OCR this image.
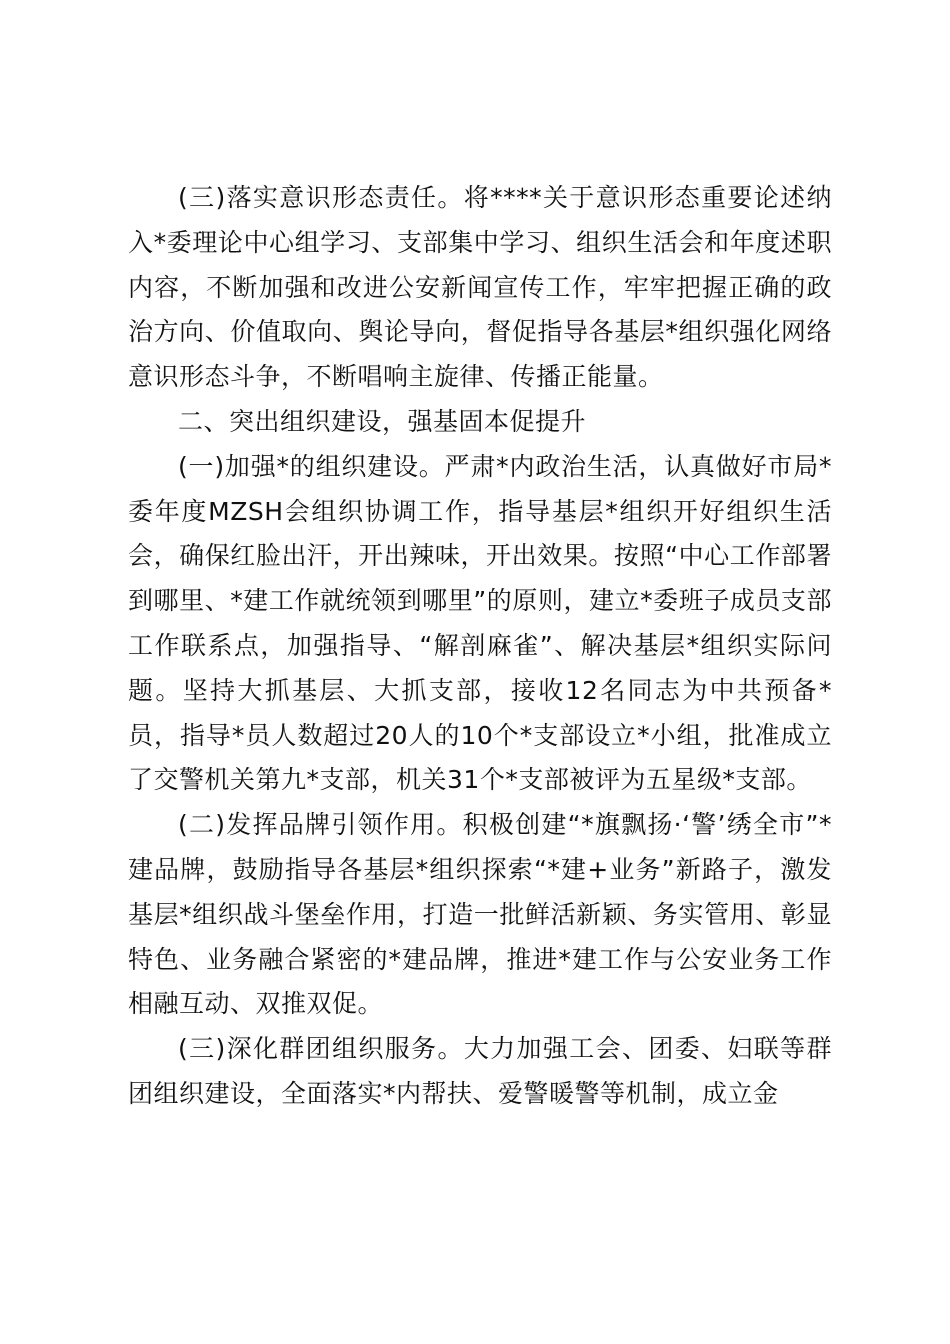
(三)落实意识形态责任。将****关于意识形态重要论述纳入*委理论中心组学习、支部集中学习、组织生活会和年度述职内容，不断加强和改进公安新闻宣传工作，牢牢把握正确的政治方向、价值取向、舆论导向，督促指导各基层*组织强化网络意识形态斗争，不断唱响主旋律、传播正能量。

二、突出组织建设，强基固本促提升

(一)加强*的组织建设。严肃*内政治生活，认真做好市局*委年度MZSH会组织协调工作，指导基层*组织开好组织生活会，确保红脸出汗，开出辣味，开出效果。按照“中心工作部署到哪里、*建工作就统领到哪里”的原则，建立*委班子成员支部工作联系点，加强指导、“解剖麻雀”、解决基层*组织实际问题。坚持大抓基层、大抓支部，接收12名同志为中共预备*员，指导*员人数超过20人的10个*支部设立*小组，批准成立了交警机关第九*支部，机关31个*支部被评为五星级*支部。

(二)发挥品牌引领作用。积极创建“*旗飘扬·‘警’绣全市”*建品牌，鼓励指导各基层*组织探索“*建+业务”新路子，激发基层*组织战斗堡垒作用，打造一批鲜活新颖、务实管用、彰显特色、业务融合紧密的*建品牌，推进*建工作与公安业务工作相融互动、双推双促。

(三)深化群团组织服务。大力加强工会、团委、妇联等群团组织建设，全面落实*内帮扶、爱警暖警等机制，成立金
